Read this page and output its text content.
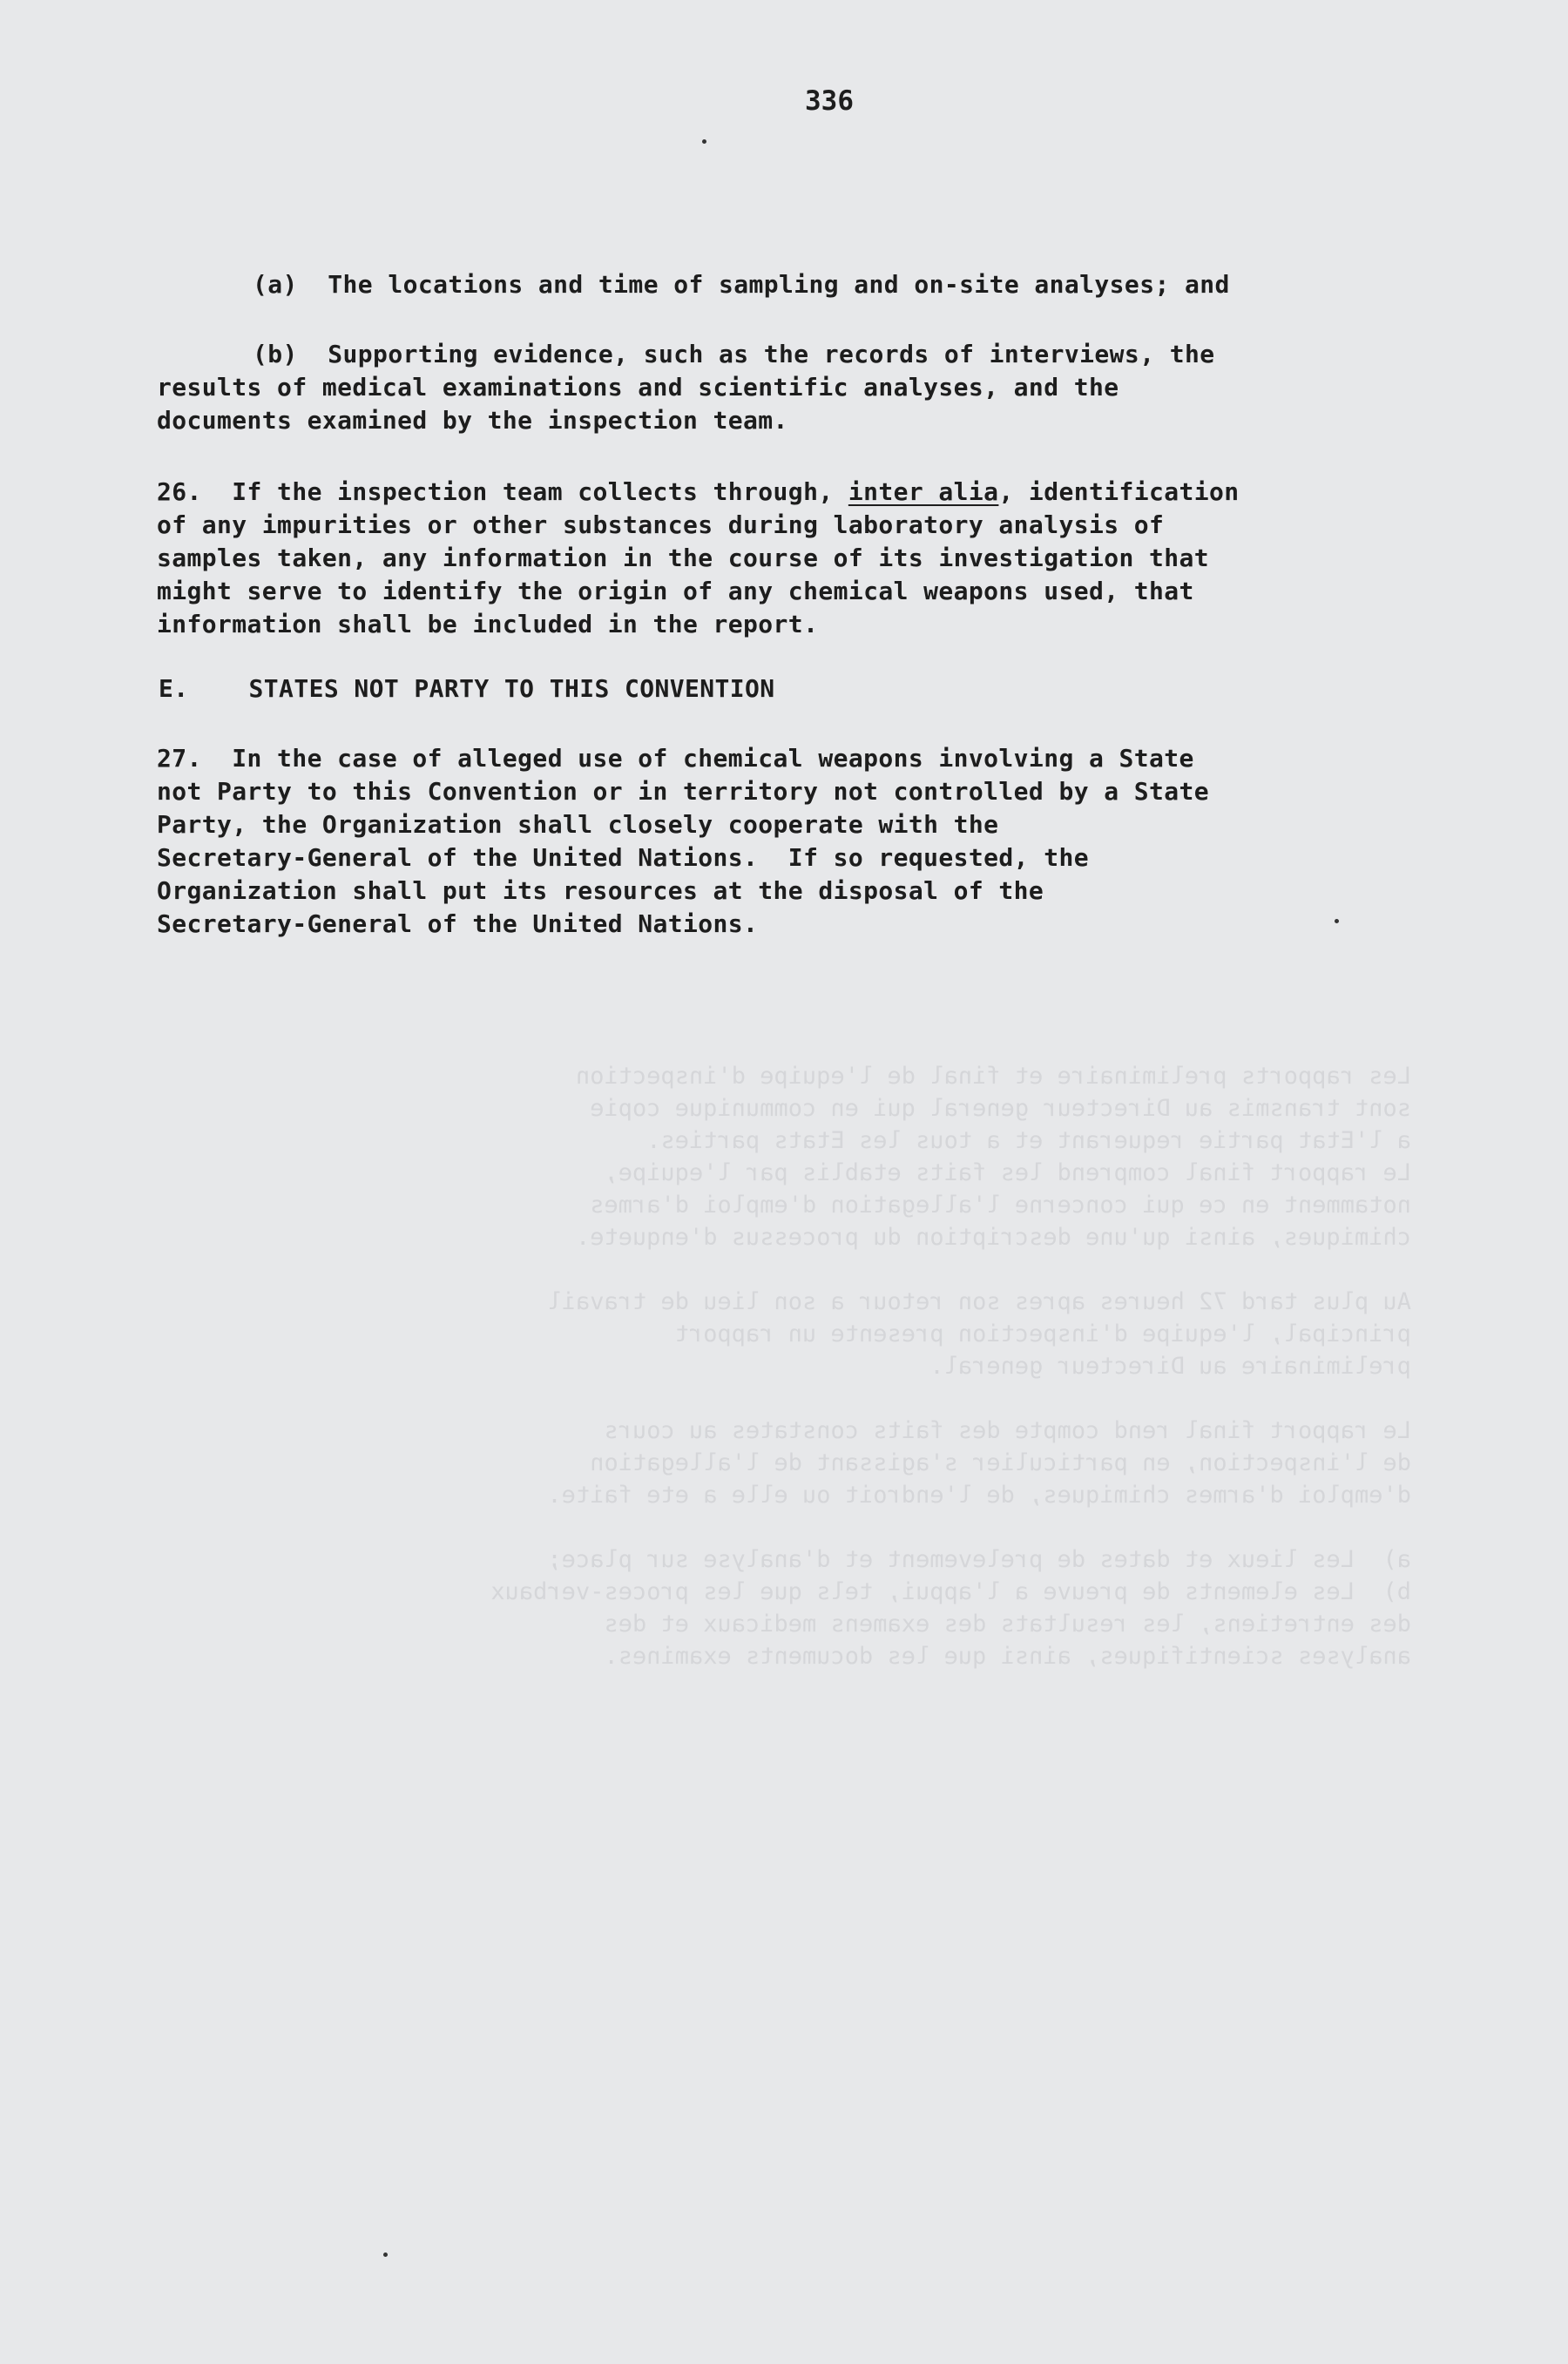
Les rapports preliminaire et final de l'equipe d'inspection
sont transmis au Directeur general qui en communique copie
a l'Etat partie requerant et a tous les Etats parties.
Le rapport final comprend les faits etablis par l'equipe,
notamment en ce qui concerne l'allegation d'emploi d'armes
chimiques, ainsi qu'une description du processus d'enquete.

Au plus tard 72 heures apres son retour a son lieu de travail
principal, l'equipe d'inspection presente un rapport
preliminaire au Directeur general.

Le rapport final rend compte des faits constates au cours
de l'inspection, en particulier s'agissant de l'allegation
d'emploi d'armes chimiques, de l'endroit ou elle a ete faite.

a)  Les lieux et dates de prelevement et d'analyse sur place;
b)  Les elements de preuve a l'appui, tels que les proces-verbaux
des entretiens, les resultats des examens medicaux et des
analyses scientifiques, ainsi que les documents examines.

336
(a)  The locations and time of sampling and on-site analyses; and
(b)  Supporting evidence, such as the records of interviews, the
results of medical examinations and scientific analyses, and the
documents examined by the inspection team.
26.  If the inspection team collects through, inter alia, identification
of any impurities or other substances during laboratory analysis of
samples taken, any information in the course of its investigation that
might serve to identify the origin of any chemical weapons used, that
information shall be included in the report.
E.    STATES NOT PARTY TO THIS CONVENTION
27.  In the case of alleged use of chemical weapons involving a State
not Party to this Convention or in territory not controlled by a State
Party, the Organization shall closely cooperate with the
Secretary-General of the United Nations.  If so requested, the
Organization shall put its resources at the disposal of the
Secretary-General of the United Nations.
